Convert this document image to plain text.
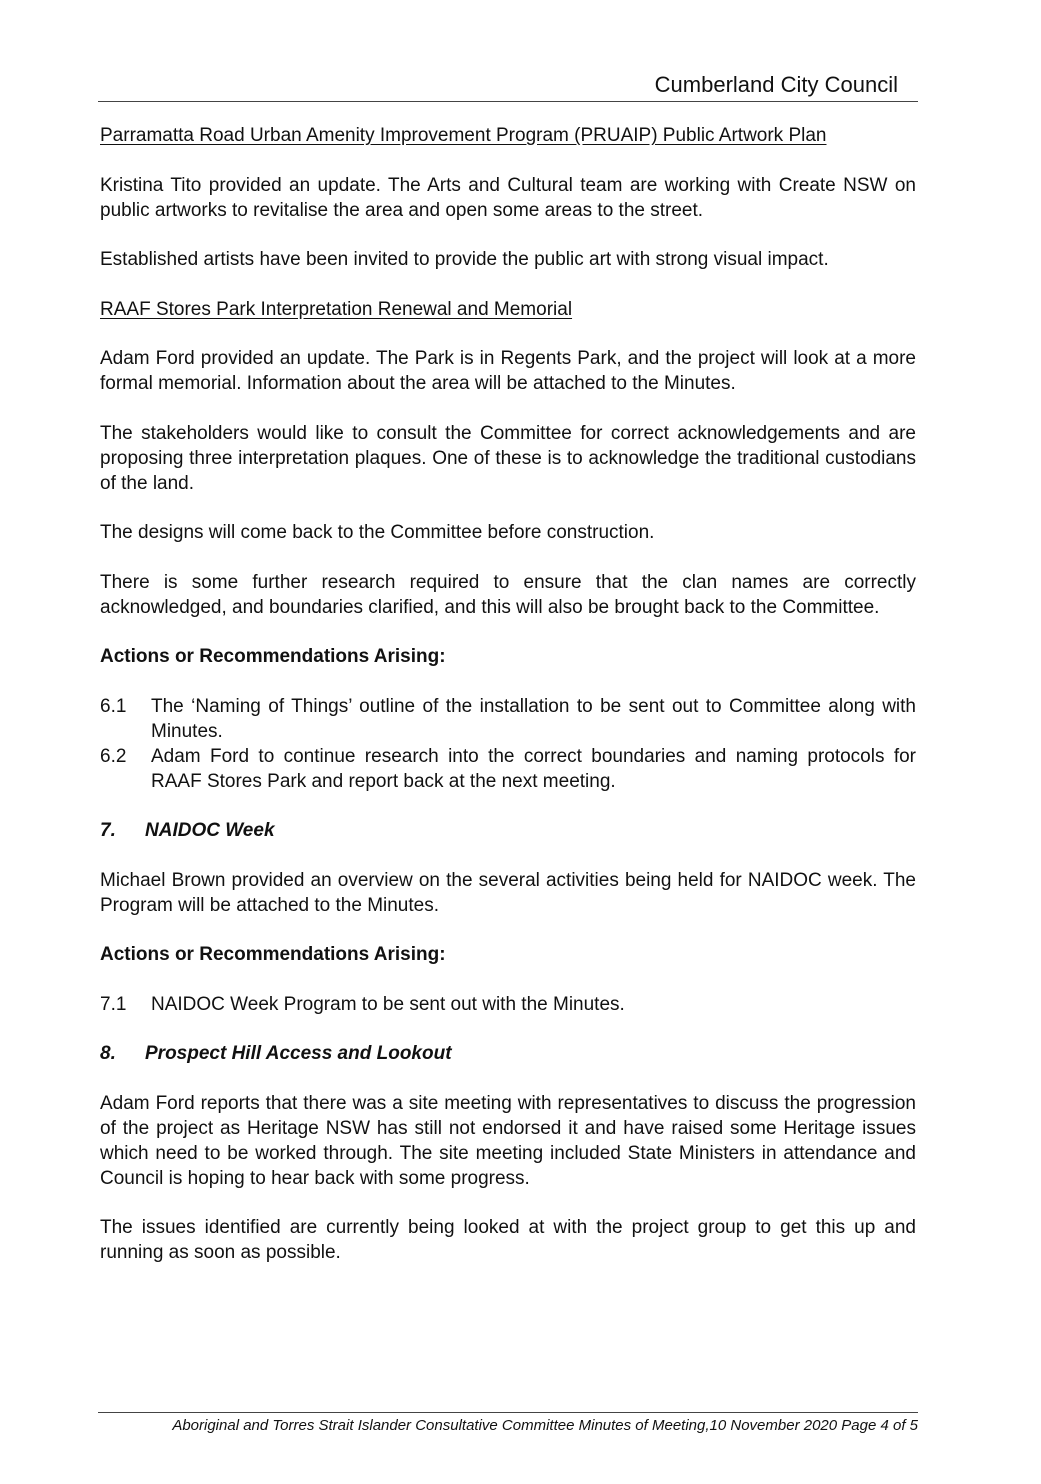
Cumberland City Council

Parramatta Road Urban Amenity Improvement Program (PRUAIP) Public Artwork Plan

Kristina Tito provided an update. The Arts and Cultural team are working with Create NSW on public artworks to revitalise the area and open some areas to the street.

Established artists have been invited to provide the public art with strong visual impact.

RAAF Stores Park Interpretation Renewal and Memorial

Adam Ford provided an update. The Park is in Regents Park, and the project will look at a more formal memorial. Information about the area will be attached to the Minutes.

The stakeholders would like to consult the Committee for correct acknowledgements and are proposing three interpretation plaques. One of these is to acknowledge the traditional custodians of the land.

The designs will come back to the Committee before construction.

There is some further research required to ensure that the clan names are correctly acknowledged, and boundaries clarified, and this will also be brought back to the Committee.

Actions or Recommendations Arising:

6.1	The ‘Naming of Things’ outline of the installation to be sent out to Committee along with Minutes.
6.2	Adam Ford to continue research into the correct boundaries and naming protocols for RAAF Stores Park and report back at the next meeting.

7. NAIDOC Week

Michael Brown provided an overview on the several activities being held for NAIDOC week. The Program will be attached to the Minutes.

Actions or Recommendations Arising:

7.1	NAIDOC Week Program to be sent out with the Minutes.

8. Prospect Hill Access and Lookout

Adam Ford reports that there was a site meeting with representatives to discuss the progression of the project as Heritage NSW has still not endorsed it and have raised some Heritage issues which need to be worked through. The site meeting included State Ministers in attendance and Council is hoping to hear back with some progress.

The issues identified are currently being looked at with the project group to get this up and running as soon as possible.

Aboriginal and Torres Strait Islander Consultative Committee Minutes of Meeting,10 November 2020 Page 4 of 5
